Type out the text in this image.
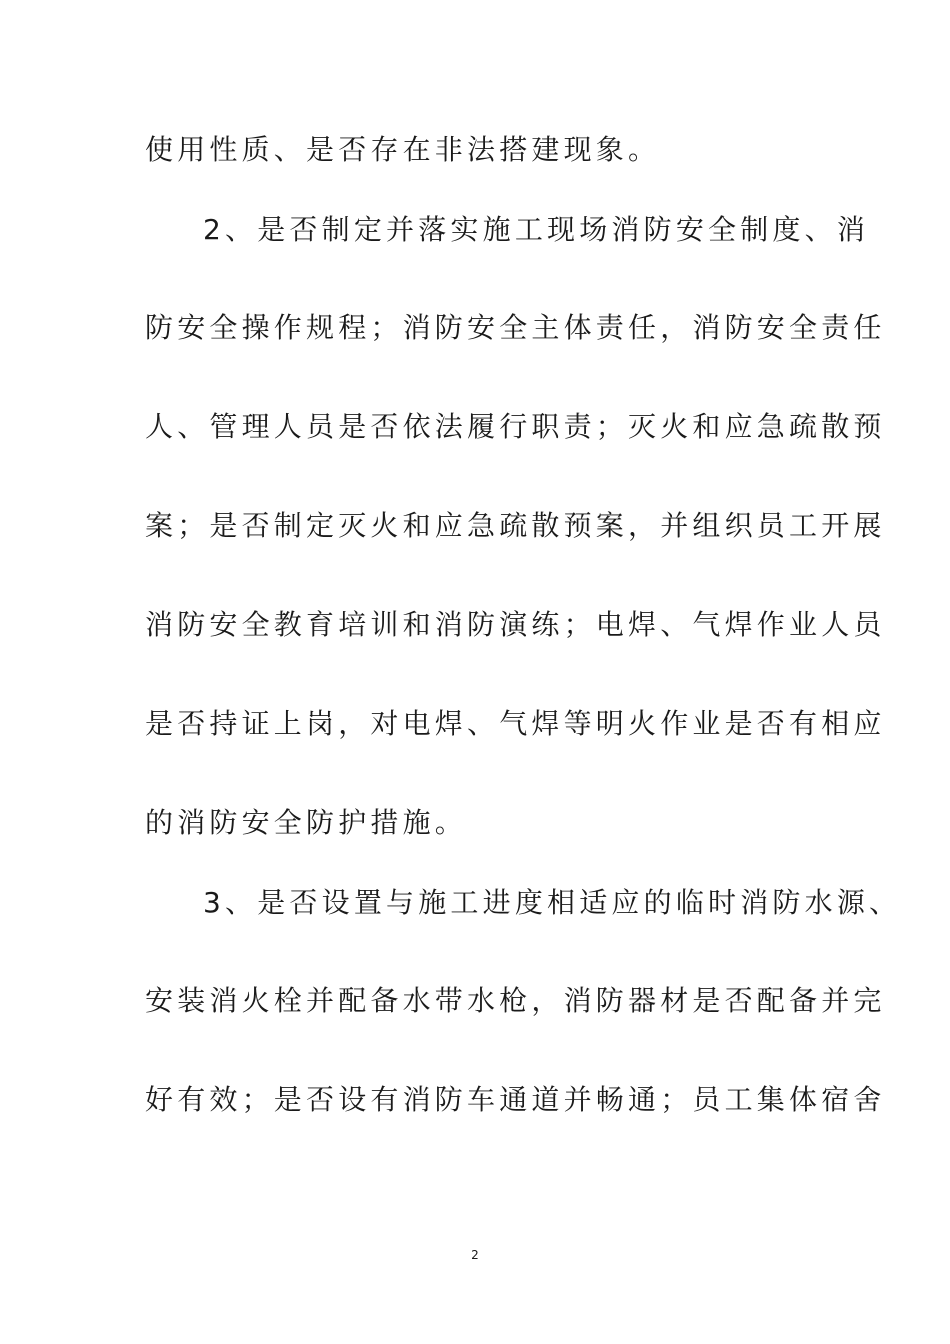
使用性质、是否存在非法搭建现象。
2、是否制定并落实施工现场消防安全制度、消
防安全操作规程；消防安全主体责任，消防安全责任
人、管理人员是否依法履行职责；灭火和应急疏散预
案；是否制定灭火和应急疏散预案，并组织员工开展
消防安全教育培训和消防演练；电焊、气焊作业人员
是否持证上岗，对电焊、气焊等明火作业是否有相应
的消防安全防护措施。
3、是否设置与施工进度相适应的临时消防水源、
安装消火栓并配备水带水枪，消防器材是否配备并完
好有效；是否设有消防车通道并畅通；员工集体宿舍
2
